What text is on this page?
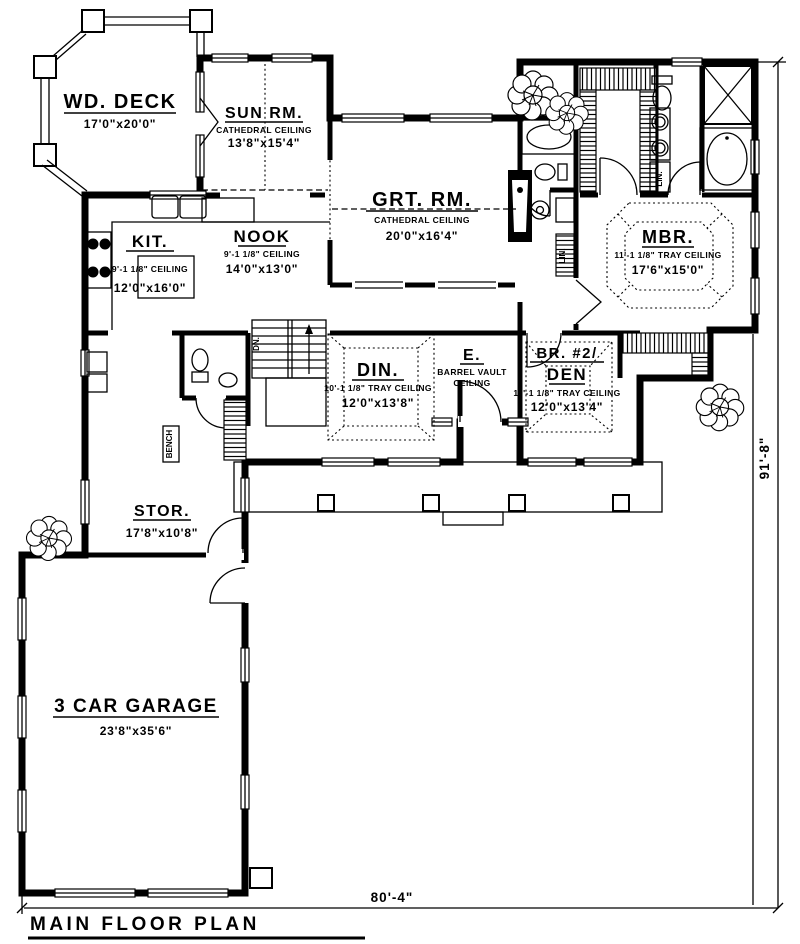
DN.
80'-4"
91'-8"
WD. DECK
17'0"x20'0"
SUN RM.
CATHEDRAL CEILING
13'8"x15'4"
GRT. RM.
CATHEDRAL CEILING
20'0"x16'4"
KIT.
9'-1 1/8" CEILING
12'0"x16'0"
NOOK
9'-1 1/8" CEILING
14'0"x13'0"
MBR.
11'-1 1/8" TRAY CEILING
17'6"x15'0"
DIN.
10'-1 1/8" TRAY CEILING
12'0"x13'8"
E.
BARREL VAULT
CEILING
BR. #2/
DEN
11'-1 1/8" TRAY CEILING
12'0"x13'4"
STOR.
17'8"x10'8"
3 CAR GARAGE
23'8"x35'6"
BENCH
LIN.
LIN.
MAIN FLOOR PLAN
